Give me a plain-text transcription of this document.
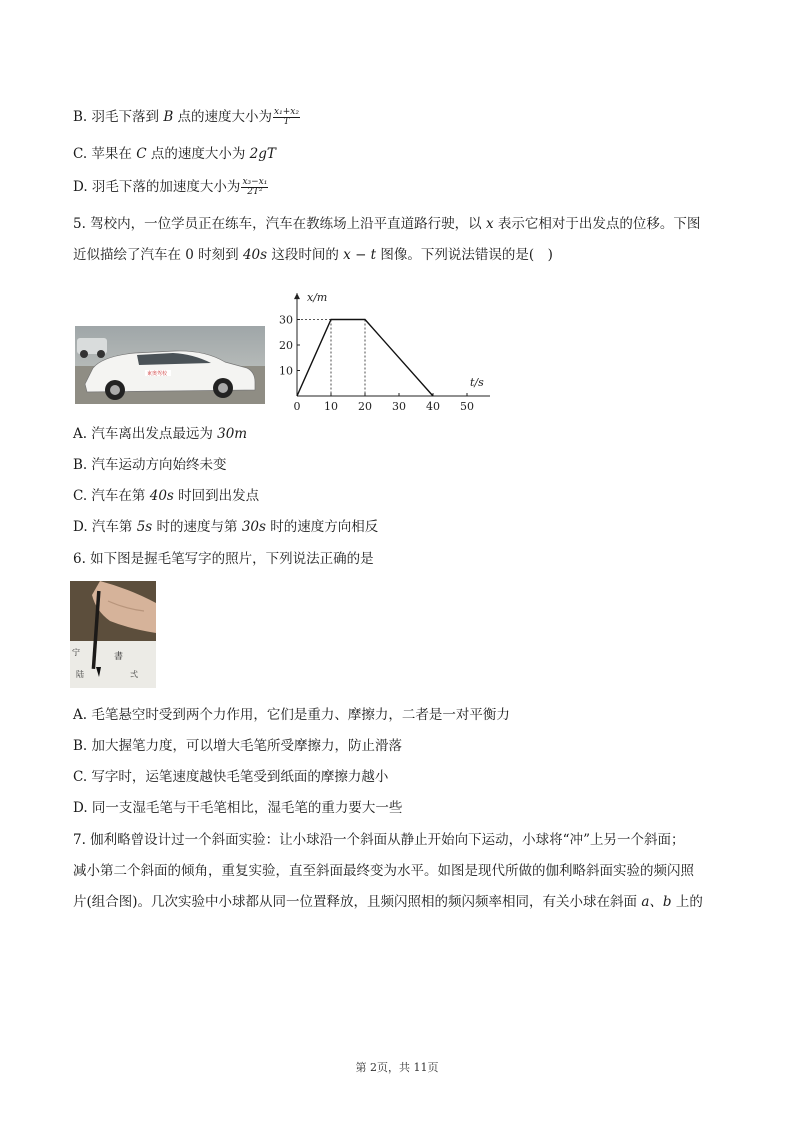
B. 羽毛下落到 B 点的速度大小为 $\frac{\text{x₁+x₂}}{T}$
C. 苹果在 C 点的速度大小为 2gT
D. 羽毛下落的加速度大小为 $\frac{\text{x₃−x₁}}{\text{2T²}}$
5. 驾校内，一位学员正在练车，汽车在教练场上沿平直道路行驶，以 x 表示它相对于出发点的位移。下图
近似描绘了汽车在 0 时刻到 40s 这段时间的 x − t 图像。下列说法错误的是(　)
東奥驾校
x/m
t/s
0 10 20 30 40 50
10
20
30
A. 汽车离出发点最远为 30m
B. 汽车运动方向始终未变
C. 汽车在第 40s 时回到出发点
D. 汽车第 5s 时的速度与第 30s 时的速度方向相反
6. 如下图是握毛笔写字的照片，下列说法正确的是
宁	書
弍
陆
A. 毛笔悬空时受到两个力作用，它们是重力、摩擦力，二者是一对平衡力
B. 加大握笔力度，可以增大毛笔所受摩擦力，防止滑落
C. 写字时，运笔速度越快毛笔受到纸面的摩擦力越小
D. 同一支湿毛笔与干毛笔相比，湿毛笔的重力要大一些
7. 伽利略曾设计过一个斜面实验：让小球沿一个斜面从静止开始向下运动，小球将“冲”上另一个斜面；
减小第二个斜面的倾角，重复实验，直至斜面最终变为水平。如图是现代所做的伽利略斜面实验的频闪照
片(组合图)。几次实验中小球都从同一位置释放，且频闪照相的频闪频率相同，有关小球在斜面 a、b 上的
第 2页，共 11页
